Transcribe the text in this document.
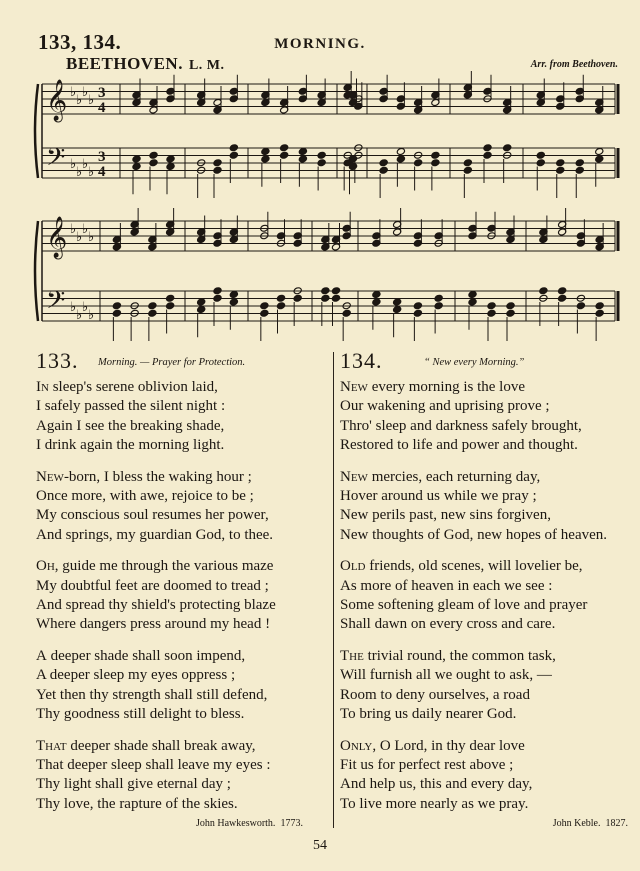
133, 134.	MORNING.
BEETHOVEN. L. M.	Arr. from Beethoven.
𝄞
𝄢
♭
♭
♭
♭
♭
♭
♭
♭
3
3
4
4
𝄞
𝄢
♭
♭
♭
♭
♭
♭
♭
♭
133. Morning. — Prayer for Protection.
In sleep's serene oblivion laid,
I safely passed the silent night :
Again I see the breaking shade,
I drink again the morning light.
New-born, I bless the waking hour ;
Once more, with awe, rejoice to be ;
My conscious soul resumes her power,
And springs, my guardian God, to thee.
Oh, guide me through the various maze
My doubtful feet are doomed to tread ;
And spread thy shield's protecting blaze
Where dangers press around my head !
A deeper shade shall soon impend,
A deeper sleep my eyes oppress ;
Yet then thy strength shall still defend,
Thy goodness still delight to bless.
That deeper shade shall break away,
That deeper sleep shall leave my eyes :
Thy light shall give eternal day ;
Thy love, the rapture of the skies.
134.	“ New every Morning.”
New every morning is the love
Our wakening and uprising prove ;
Thro' sleep and darkness safely brought,
Restored to life and power and thought.
New mercies, each returning day,
Hover around us while we pray ;
New perils past, new sins forgiven,
New thoughts of God, new hopes of heaven.
Old friends, old scenes, will lovelier be,
As more of heaven in each we see :
Some softening gleam of love and prayer
Shall dawn on every cross and care.
The trivial round, the common task,
Will furnish all we ought to ask, —
Room to deny ourselves, a road
To bring us daily nearer God.
Only, O Lord, in thy dear love
Fit us for perfect rest above ;
And help us, this and every day,
To live more nearly as we pray.
John Hawkesworth. 1773.	John Keble. 1827.
54
